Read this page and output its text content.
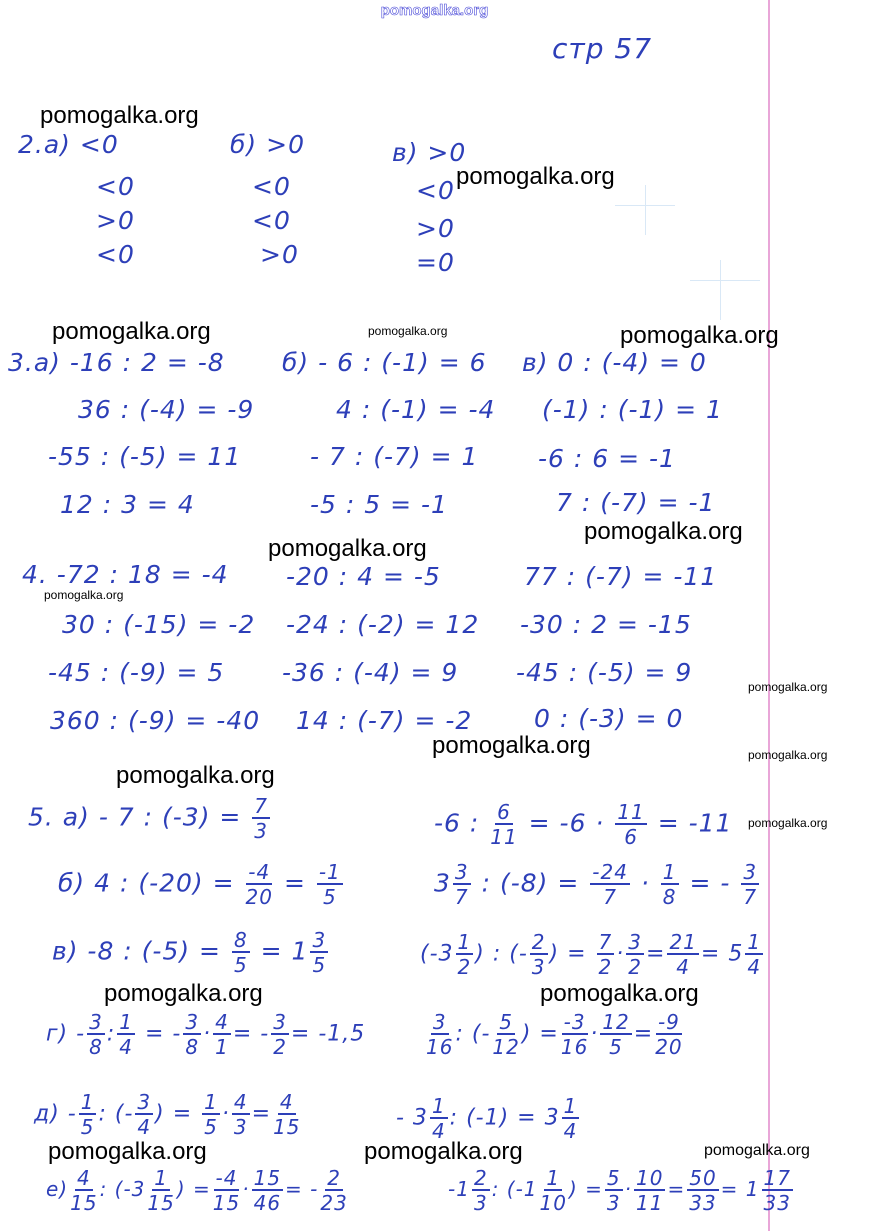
pomogalka.org
стр 57
pomogalka.org
pomogalka.org
pomogalka.org	pomogalka.org	pomogalka.org
pomogalka.org
pomogalka.org
pomogalka.org
pomogalka.org
pomogalka.org	pomogalka.org
pomogalka.org
pomogalka.org
pomogalka.org	pomogalka.org
pomogalka.org	pomogalka.org	pomogalka.org
2.а) <0
<0
>0
<0
б) >0
<0
<0
>0
в) >0
<0
>0
=0
3.а) -16 : 2 = -8
36 : (-4) = -9
-55 : (-5) = 11
12 : 3 = 4
б) - 6 : (-1) = 6
4 : (-1) = -4
- 7 : (-7) = 1
-5 : 5 = -1
в) 0 : (-4) = 0
(-1) : (-1) = 1
-6 : 6 = -1
7 : (-7) = -1
4. -72 : 18 = -4
30 : (-15) = -2
-45 : (-9) = 5
360 : (-9) = -40
-20 : 4 = -5
-24 : (-2) = 12
-36 : (-4) = 9
14 : (-7) = -2
77 : (-7) = -11
-30 : 2 = -15
-45 : (-5) = 9
0 : (-3) = 0
5. а) - 7 : $(-3) = \frac{7}{3}$	-6 : $\frac{6}{11} = -6 \cdot \frac{11}{6} = -11$
б) 4 : $(-20) = \frac{-4}{20} = \frac{-1}{5}$	$3 \frac{3}{7}$ : $(-8) = \frac{-24}{7} \cdot \frac{1}{8}$ = - $\frac{3}{7}$
в) -8 : $(-5) = \frac{8}{5} = 1 \frac{3}{5}$	($-3 \frac{1}{2}$ ) : (- $\frac{2}{3}$ ) = $\frac{7}{2} \cdot \frac{3}{2} = \frac{21}{4} = 5 \frac{1}{4}$
$г) - \frac{3}{8}$ : $\frac{1}{4}$ = - $\frac{3}{8} \cdot \frac{4}{1}$ = - $\frac{3}{2} = -1,5$	$\frac{3}{16}$ : (- $\frac{5}{12}$ ) = $\frac{-3}{16} \cdot \frac{12}{5} = \frac{-9}{20}$
$д) - \frac{1}{5}$ : (- $\frac{3}{4}$ ) = $\frac{1}{5} \cdot \frac{4}{3} = \frac{4}{15}$	- $3 \frac{1}{4}$ : $(-1) = 3 \frac{1}{4}$
$е) \frac{4}{15}$ : ($-3 \frac{1}{15}$ ) = $\frac{-4}{15} \cdot \frac{15}{46}$ = - $\frac{2}{23}$	$-1 \frac{2}{3}$ : ($-1 \frac{1}{10}$ ) = $\frac{5}{3} \cdot \frac{10}{11} = \frac{50}{33} = 1 \frac{17}{33}$
